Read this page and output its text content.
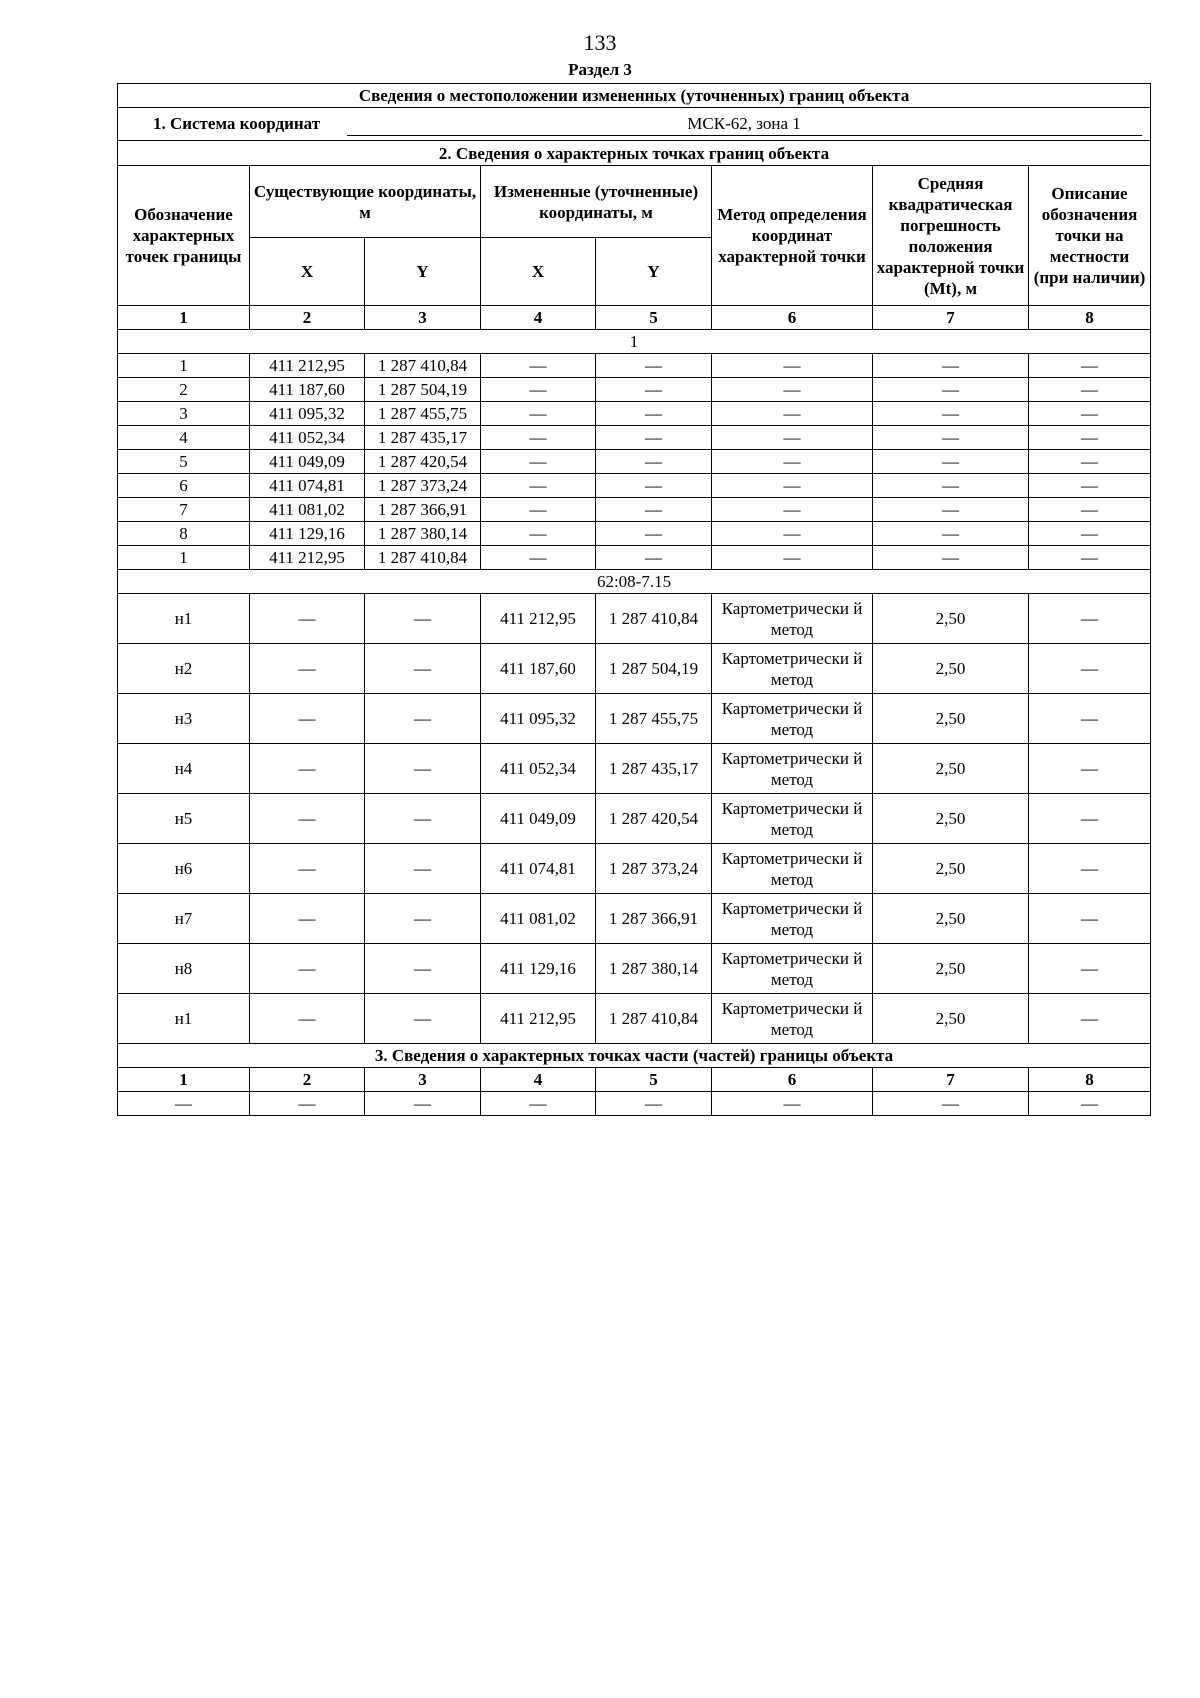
133
Раздел 3
Сведения о местоположении измененных (уточненных) границ объекта							
1. Система координат МСК-62, зона 1							
2. Сведения о характерных точках границ объекта							
Обозначение характерных точек границы	Существующие координаты, м		Измененные (уточненные) координаты, м		Метод определения координат характерной точки	Средняя квадратическая погрешность положения характерной точки (Mt), м	Описание обозначения точки на местности (при наличии)
	X	Y	X	Y			
1	2	3	4	5	6	7	8
1							
1	411 212,95	1 287 410,84	—	—	—	—	—
2	411 187,60	1 287 504,19	—	—	—	—	—
3	411 095,32	1 287 455,75	—	—	—	—	—
4	411 052,34	1 287 435,17	—	—	—	—	—
5	411 049,09	1 287 420,54	—	—	—	—	—
6	411 074,81	1 287 373,24	—	—	—	—	—
7	411 081,02	1 287 366,91	—	—	—	—	—
8	411 129,16	1 287 380,14	—	—	—	—	—
1	411 212,95	1 287 410,84	—	—	—	—	—
62:08-7.15							
н1	—	—	411 212,95	1 287 410,84	Картометрически й метод	2,50	—
н2	—	—	411 187,60	1 287 504,19	Картометрически й метод	2,50	—
н3	—	—	411 095,32	1 287 455,75	Картометрически й метод	2,50	—
н4	—	—	411 052,34	1 287 435,17	Картометрически й метод	2,50	—
н5	—	—	411 049,09	1 287 420,54	Картометрически й метод	2,50	—
н6	—	—	411 074,81	1 287 373,24	Картометрически й метод	2,50	—
н7	—	—	411 081,02	1 287 366,91	Картометрически й метод	2,50	—
н8	—	—	411 129,16	1 287 380,14	Картометрически й метод	2,50	—
н1	—	—	411 212,95	1 287 410,84	Картометрически й метод	2,50	—
3. Сведения о характерных точках части (частей) границы объекта							
1	2	3	4	5	6	7	8
—	—	—	—	—	—	—	—
